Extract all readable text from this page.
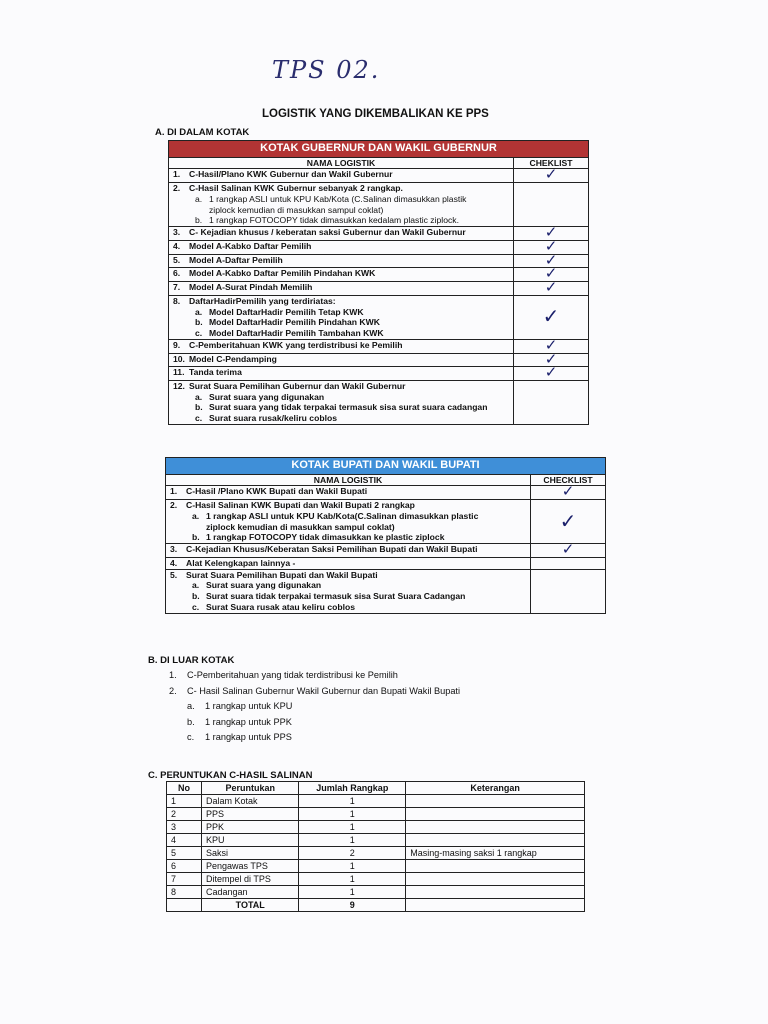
TPS 02.
LOGISTIK YANG DIKEMBALIKAN KE PPS
A. DI DALAM KOTAK
KOTAK GUBERNUR DAN WAKIL GUBERNUR	
NAMA LOGISTIK	CHEKLIST
1. C-Hasil/Plano KWK Gubernur dan Wakil Gubernur	✓

2. C-Hasil Salinan KWK Gubernur sebanyak 2 rangkap.
a. 1 rangkap ASLI untuk KPU Kab/Kota (C.Salinan dimasukkan plastik
ziplock kemudian di masukkan sampul coklat)
b. 1 rangkap FOTOCOPY tidak dimasukkan kedalam plastic ziplock.	

3. C- Kejadian khusus / keberatan saksi Gubernur dan Wakil Gubernur	✓
4. Model A-Kabko Daftar Pemilih	✓
5. Model A-Daftar Pemilih	✓
6. Model A-Kabko Daftar Pemilih Pindahan KWK	✓
7. Model A-Surat Pindah Memilih	✓

8. DaftarHadirPemilih yang terdiriatas:
a. Model DaftarHadir Pemilih Tetap KWK
b. Model DaftarHadir Pemilih Pindahan KWK
c. Model DaftarHadir Pemilih Tambahan KWK	✓
9. C-Pemberitahuan KWK yang terdistribusi ke Pemilih	✓
10. Model C-Pendamping	✓
11. Tanda terima	✓

12. Surat Suara Pemilihan Gubernur dan Wakil Gubernur
a. Surat suara yang digunakan
b. Surat suara yang tidak terpakai termasuk sisa surat suara cadangan
c. Surat suara rusak/keliru coblos	

KOTAK BUPATI DAN WAKIL BUPATI	
NAMA LOGISTIK	CHECKLIST
1. C-Hasil /Plano KWK Bupati dan Wakil Bupati	✓

2. C-Hasil Salinan KWK Bupati dan Wakil Bupati 2 rangkap
a. 1 rangkap ASLI untuk KPU Kab/Kota(C.Salinan dimasukkan plastic
ziplock kemudian di masukkan sampul coklat)
b. 1 rangkap FOTOCOPY tidak dimasukkan ke plastic ziplock	✓
3. C-Kejadian Khusus/Keberatan Saksi Pemilihan Bupati dan Wakil Bupati	✓
4. Alat Kelengkapan lainnya -	

5. Surat Suara Pemilihan Bupati dan Wakil Bupati
a. Surat suara yang digunakan
b. Surat suara tidak terpakai termasuk sisa Surat Suara Cadangan
c. Surat Suara rusak atau keliru coblos	

B. DI LUAR KOTAK
1. C-Pemberitahuan yang tidak terdistribusi ke Pemilih
2. C- Hasil Salinan Gubernur Wakil Gubernur dan Bupati Wakil Bupati
a. 1 rangkap untuk KPU
b. 1 rangkap untuk PPK
c. 1 rangkap untuk PPS
C. PERUNTUKAN C-HASIL SALINAN
No	Peruntukan	Jumlah Rangkap	Keterangan
1	Dalam Kotak	1	
2	PPS	1	
3	PPK	1	
4	KPU	1	
5	Saksi	2	Masing-masing saksi 1 rangkap
6	Pengawas TPS	1	
7	Ditempel di TPS	1	
8	Cadangan	1	
	TOTAL	9	
